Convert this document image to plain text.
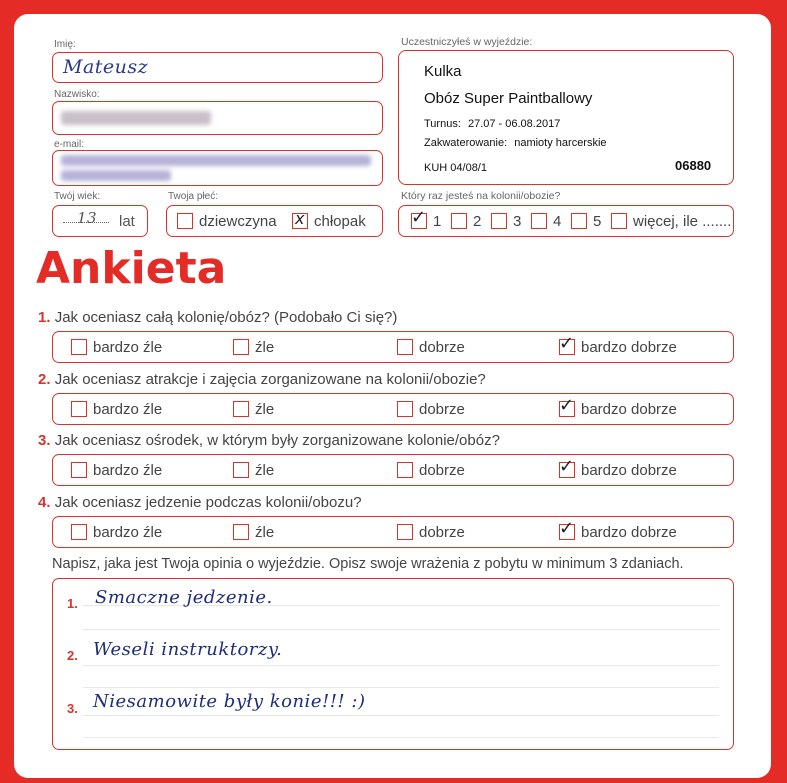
Imię:
Mateusz
Nazwisko:
e-mail:
Twój wiek:
13 lat
Twoja płeć:
dziewczyna x chłopak
Uczestniczyłeś w wyjeździe:
Kulka
Obóz Super Paintballowy
Turnus: 27.07 - 06.08.2017
Zakwaterowanie: namioty harcerskie
KUH 04/08/1	06880
Który raz jesteś na kolonii/obozie?
✓ 1	2	3	4	5	więcej, ile .......
Ankieta
1. Jak oceniasz całą kolonię/obóz? (Podobało Ci się?)
bardzo źle	źle	dobrze	✓ bardzo dobrze
2. Jak oceniasz atrakcje i zajęcia zorganizowane na kolonii/obozie?
bardzo źle	źle	dobrze	✓ bardzo dobrze
3. Jak oceniasz ośrodek, w którym były zorganizowane kolonie/obóz?
bardzo źle	źle	dobrze	✓ bardzo dobrze
4. Jak oceniasz jedzenie podczas kolonii/obozu?
bardzo źle	źle	dobrze	✓ bardzo dobrze
Napisz, jaka jest Twoja opinia o wyjeździe. Opisz swoje wrażenia z pobytu w minimum 3 zdaniach.
1. Smaczne jedzenie.
2. Weseli instruktorzy.
3. Niesamowite były konie!!! :)
